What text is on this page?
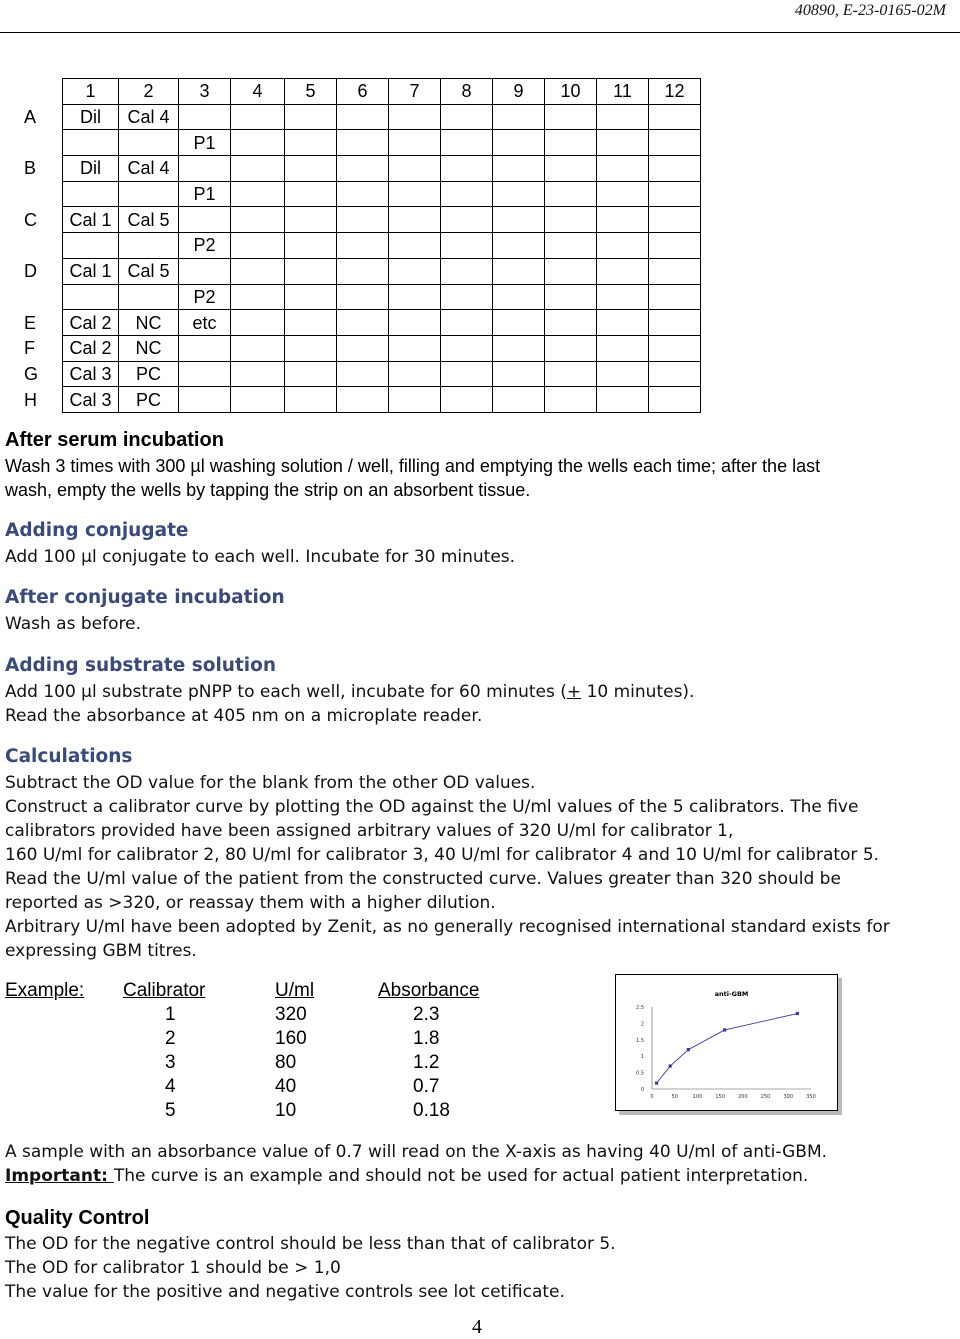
40890, E-23-0165-02M
	1	2	3	4	5	6	7	8	9	10	11	12
A	Dil	Cal 4										
			P1									
B	Dil	Cal 4										
			P1									
C	Cal 1	Cal 5										
			P2									
D	Cal 1	Cal 5										
			P2									
E	Cal 2	NC	etc									
F	Cal 2	NC										
G	Cal 3	PC										
H	Cal 3	PC										

After serum incubation

Wash 3 times with 300 µl washing solution / well, filling and emptying the wells each time; after the last

wash, empty the wells by tapping the strip on an absorbent tissue.

Adding conjugate

Add 100 µl conjugate to each well. Incubate for 30 minutes.

After conjugate incubation

Wash as before.

Adding substrate solution

Add 100 µl substrate pNPP to each well, incubate for 60 minutes (+ 10 minutes).

Read the absorbance at 405 nm on a microplate reader.

Calculations

Subtract the OD value for the blank from the other OD values.

Construct a calibrator curve by plotting the OD against the U/ml values of the 5 calibrators. The five

calibrators provided have been assigned arbitrary values of 320 U/ml for calibrator 1,

160 U/ml for calibrator 2, 80 U/ml for calibrator 3, 40 U/ml for calibrator 4 and 10 U/ml for calibrator 5.

Read the U/ml value of the patient from the constructed curve. Values greater than 320 should be

reported as >320, or reassay them with a higher dilution.

Arbitrary U/ml have been adopted by Zenit, as no generally recognised international standard exists for

expressing GBM titres.

Example: Calibrator	U/ml	Absorbance
1	320	2.3
2	160	1.8
3	80	1.2
4	40	0.7
5	10	0.18
anti-GBM
0
0.5
1
1.5
2
2.5
0	50	100	150	200	250	300	350

A sample with an absorbance value of 0.7 will read on the X-axis as having 40 U/ml of anti-GBM.

Important: The curve is an example and should not be used for actual patient interpretation.

Quality Control

The OD for the negative control should be less than that of calibrator 5.

The OD for calibrator 1 should be > 1,0

The value for the positive and negative controls see lot cetificate.

4
